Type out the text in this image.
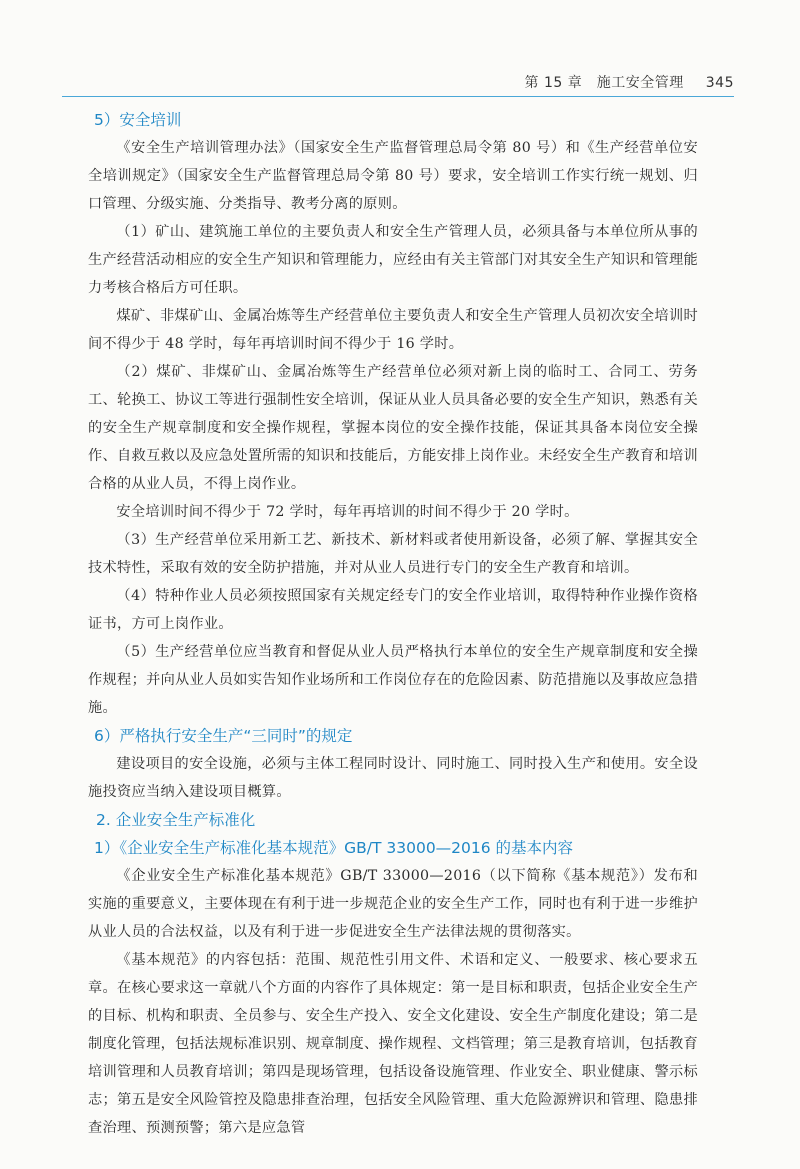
第 15 章　施工安全管理 345
5）安全培训

《安全生产培训管理办法》（国家安全生产监督管理总局令第 80 号）和《生产经营单位安全培训规定》（国家安全生产监督管理总局令第 80 号）要求，安全培训工作实行统一规划、归口管理、分级实施、分类指导、教考分离的原则。

（1）矿山、建筑施工单位的主要负责人和安全生产管理人员，必须具备与本单位所从事的生产经营活动相应的安全生产知识和管理能力，应经由有关主管部门对其安全生产知识和管理能力考核合格后方可任职。

煤矿、非煤矿山、金属冶炼等生产经营单位主要负责人和安全生产管理人员初次安全培训时间不得少于 48 学时，每年再培训时间不得少于 16 学时。

（2）煤矿、非煤矿山、金属冶炼等生产经营单位必须对新上岗的临时工、合同工、劳务工、轮换工、协议工等进行强制性安全培训，保证从业人员具备必要的安全生产知识，熟悉有关的安全生产规章制度和安全操作规程，掌握本岗位的安全操作技能，保证其具备本岗位安全操作、自救互救以及应急处置所需的知识和技能后，方能安排上岗作业。未经安全生产教育和培训合格的从业人员，不得上岗作业。

安全培训时间不得少于 72 学时，每年再培训的时间不得少于 20 学时。

（3）生产经营单位采用新工艺、新技术、新材料或者使用新设备，必须了解、掌握其安全技术特性，采取有效的安全防护措施，并对从业人员进行专门的安全生产教育和培训。

（4）特种作业人员必须按照国家有关规定经专门的安全作业培训，取得特种作业操作资格证书，方可上岗作业。

（5）生产经营单位应当教育和督促从业人员严格执行本单位的安全生产规章制度和安全操作规程；并向从业人员如实告知作业场所和工作岗位存在的危险因素、防范措施以及事故应急措施。

6）严格执行安全生产“三同时”的规定

建设项目的安全设施，必须与主体工程同时设计、同时施工、同时投入生产和使用。安全设施投资应当纳入建设项目概算。

2. 企业安全生产标准化
1）《企业安全生产标准化基本规范》GB/T 33000—2016 的基本内容

《企业安全生产标准化基本规范》GB/T 33000—2016（以下简称《基本规范》）发布和实施的重要意义，主要体现在有利于进一步规范企业的安全生产工作，同时也有利于进一步维护从业人员的合法权益，以及有利于进一步促进安全生产法律法规的贯彻落实。

《基本规范》的内容包括：范围、规范性引用文件、术语和定义、一般要求、核心要求五章。在核心要求这一章就八个方面的内容作了具体规定：第一是目标和职责，包括企业安全生产的目标、机构和职责、全员参与、安全生产投入、安全文化建设、安全生产制度化建设；第二是制度化管理，包括法规标准识别、规章制度、操作规程、文档管理；第三是教育培训，包括教育培训管理和人员教育培训；第四是现场管理，包括设备设施管理、作业安全、职业健康、警示标志；第五是安全风险管控及隐患排查治理，包括安全风险管理、重大危险源辨识和管理、隐患排查治理、预测预警；第六是应急管
